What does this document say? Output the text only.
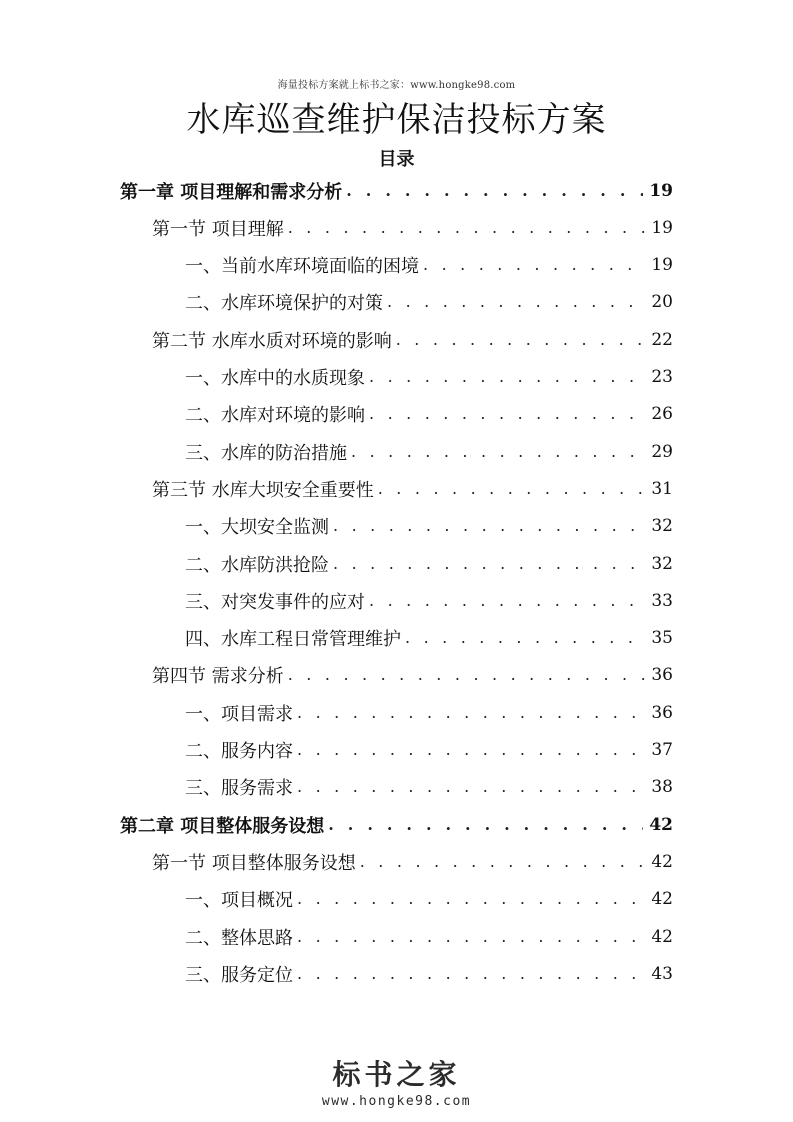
海量投标方案就上标书之家：www.hongke98.com
水库巡查维护保洁投标方案
目录
第一章 项目理解和需求分析 . . .	19
第一节 项目理解 . . .	19
一、当前水库环境面临的困境 . . .	19
二、水库环境保护的对策 . . .	20
第二节 水库水质对环境的影响 . . .	22
一、水库中的水质现象 . . .	23
二、水库对环境的影响 . . .	26
三、水库的防治措施 . . .	29
第三节 水库大坝安全重要性 . . .	31
一、大坝安全监测 . . .	32
二、水库防洪抢险 . . .	32
三、对突发事件的应对 . . .	33
四、水库工程日常管理维护 . . .	35
第四节 需求分析 . . .	36
一、项目需求 . . .	36
二、服务内容 . . .	37
三、服务需求 . . .	38
第二章 项目整体服务设想 . . .	42
第一节 项目整体服务设想 . . .	42
一、项目概况 . . .	42
二、整体思路 . . .	42
三、服务定位 . . .	43
标书之家
www.hongke98.com
